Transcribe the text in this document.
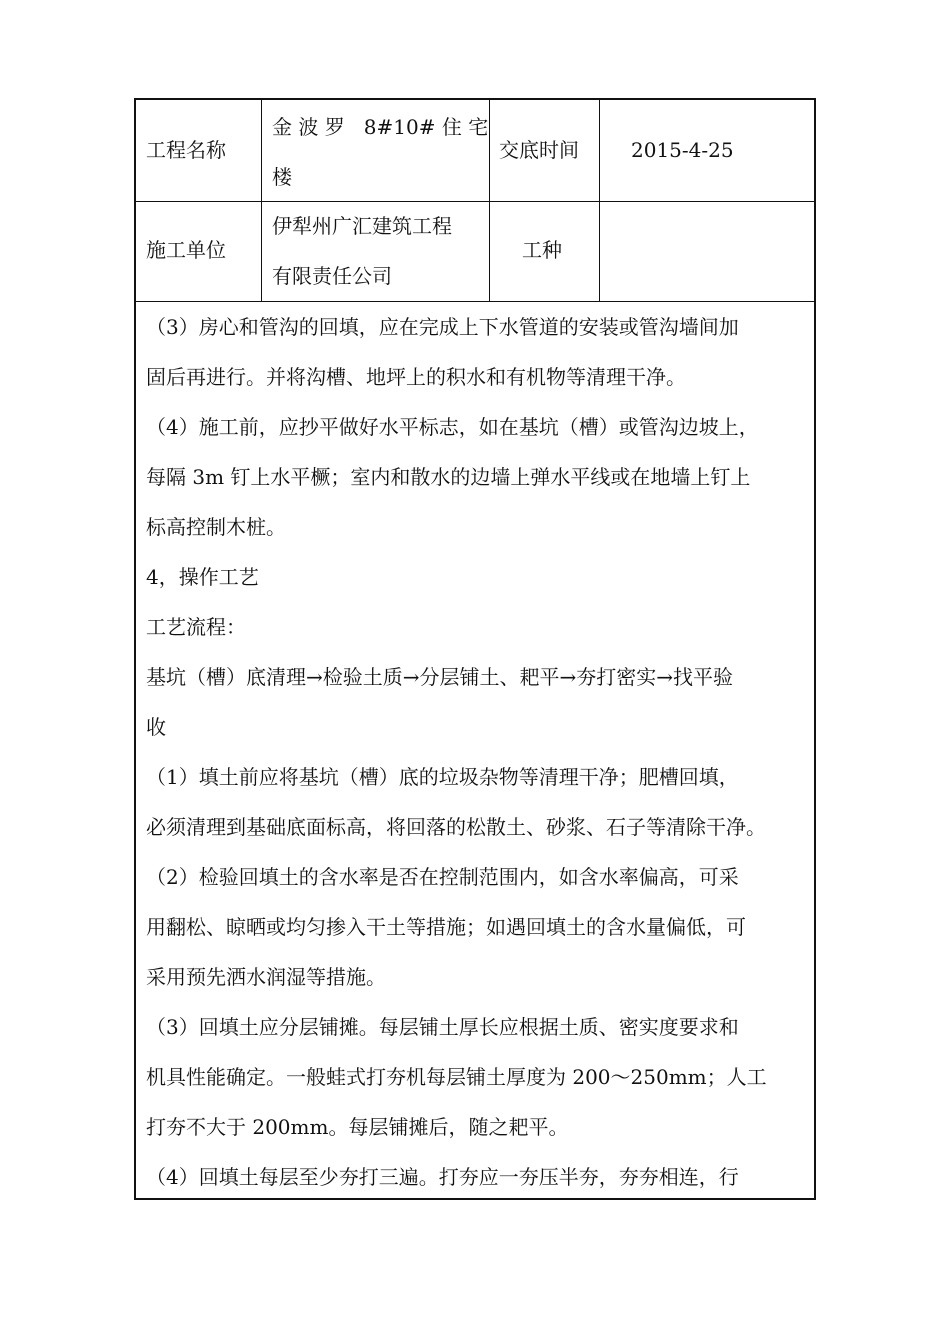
工程名称
金 波 罗   8#10# 住 宅
楼
交底时间	2015-4-25
施工单位
伊犁州广汇建筑工程
有限责任公司
工种
（3）房心和管沟的回填，应在完成上下水管道的安装或管沟墙间加
固后再进行。并将沟槽、地坪上的积水和有机物等清理干净。
（4）施工前，应抄平做好水平标志，如在基坑（槽）或管沟边坡上，
每隔 3m 钉上水平橛；室内和散水的边墙上弹水平线或在地墙上钉上
标高控制木桩。
4，操作工艺
工艺流程：
基坑（槽）底清理→检验土质→分层铺土、耙平→夯打密实→找平验
收
（1）填土前应将基坑（槽）底的垃圾杂物等清理干净；肥槽回填，
必须清理到基础底面标高，将回落的松散土、砂浆、石子等清除干净。
（2）检验回填土的含水率是否在控制范围内，如含水率偏高，可采
用翻松、晾晒或均匀掺入干土等措施；如遇回填土的含水量偏低，可
采用预先洒水润湿等措施。
（3）回填土应分层铺摊。每层铺土厚长应根据土质、密实度要求和
机具性能确定。一般蛙式打夯机每层铺土厚度为 200～250mm；人工
打夯不大于 200mm。每层铺摊后，随之耙平。
（4）回填土每层至少夯打三遍。打夯应一夯压半夯，夯夯相连，行
